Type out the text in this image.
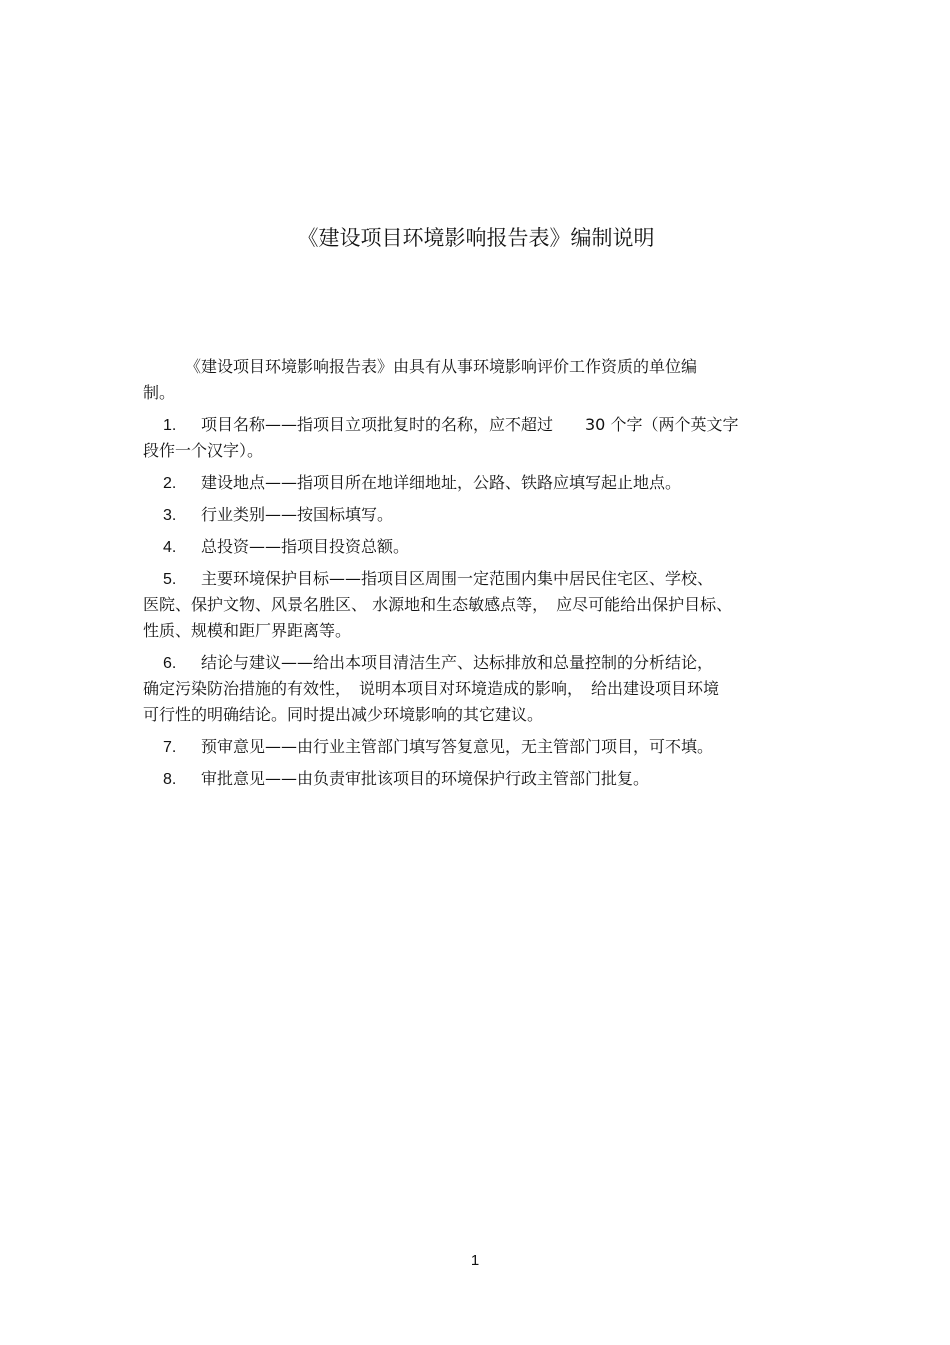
《建设项目环境影响报告表》编制说明
《建设项目环境影响报告表》由具有从事环境影响评价工作资质的单位编
制。
1. 项目名称——指项目立项批复时的名称，应不超过　　30 个字（两个英文字
段作一个汉字）。
2. 建设地点——指项目所在地详细地址，公路、铁路应填写起止地点。
3. 行业类别——按国标填写。
4. 总投资——指项目投资总额。
5. 主要环境保护目标——指项目区周围一定范围内集中居民住宅区、学校、
医院、保护文物、风景名胜区、 水源地和生态敏感点等，　应尽可能给出保护目标、
性质、规模和距厂界距离等。
6. 结论与建议——给出本项目清洁生产、达标排放和总量控制的分析结论，
确定污染防治措施的有效性，　说明本项目对环境造成的影响，　给出建设项目环境
可行性的明确结论。同时提出减少环境影响的其它建议。
7. 预审意见——由行业主管部门填写答复意见，无主管部门项目，可不填。
8. 审批意见——由负责审批该项目的环境保护行政主管部门批复。
1
